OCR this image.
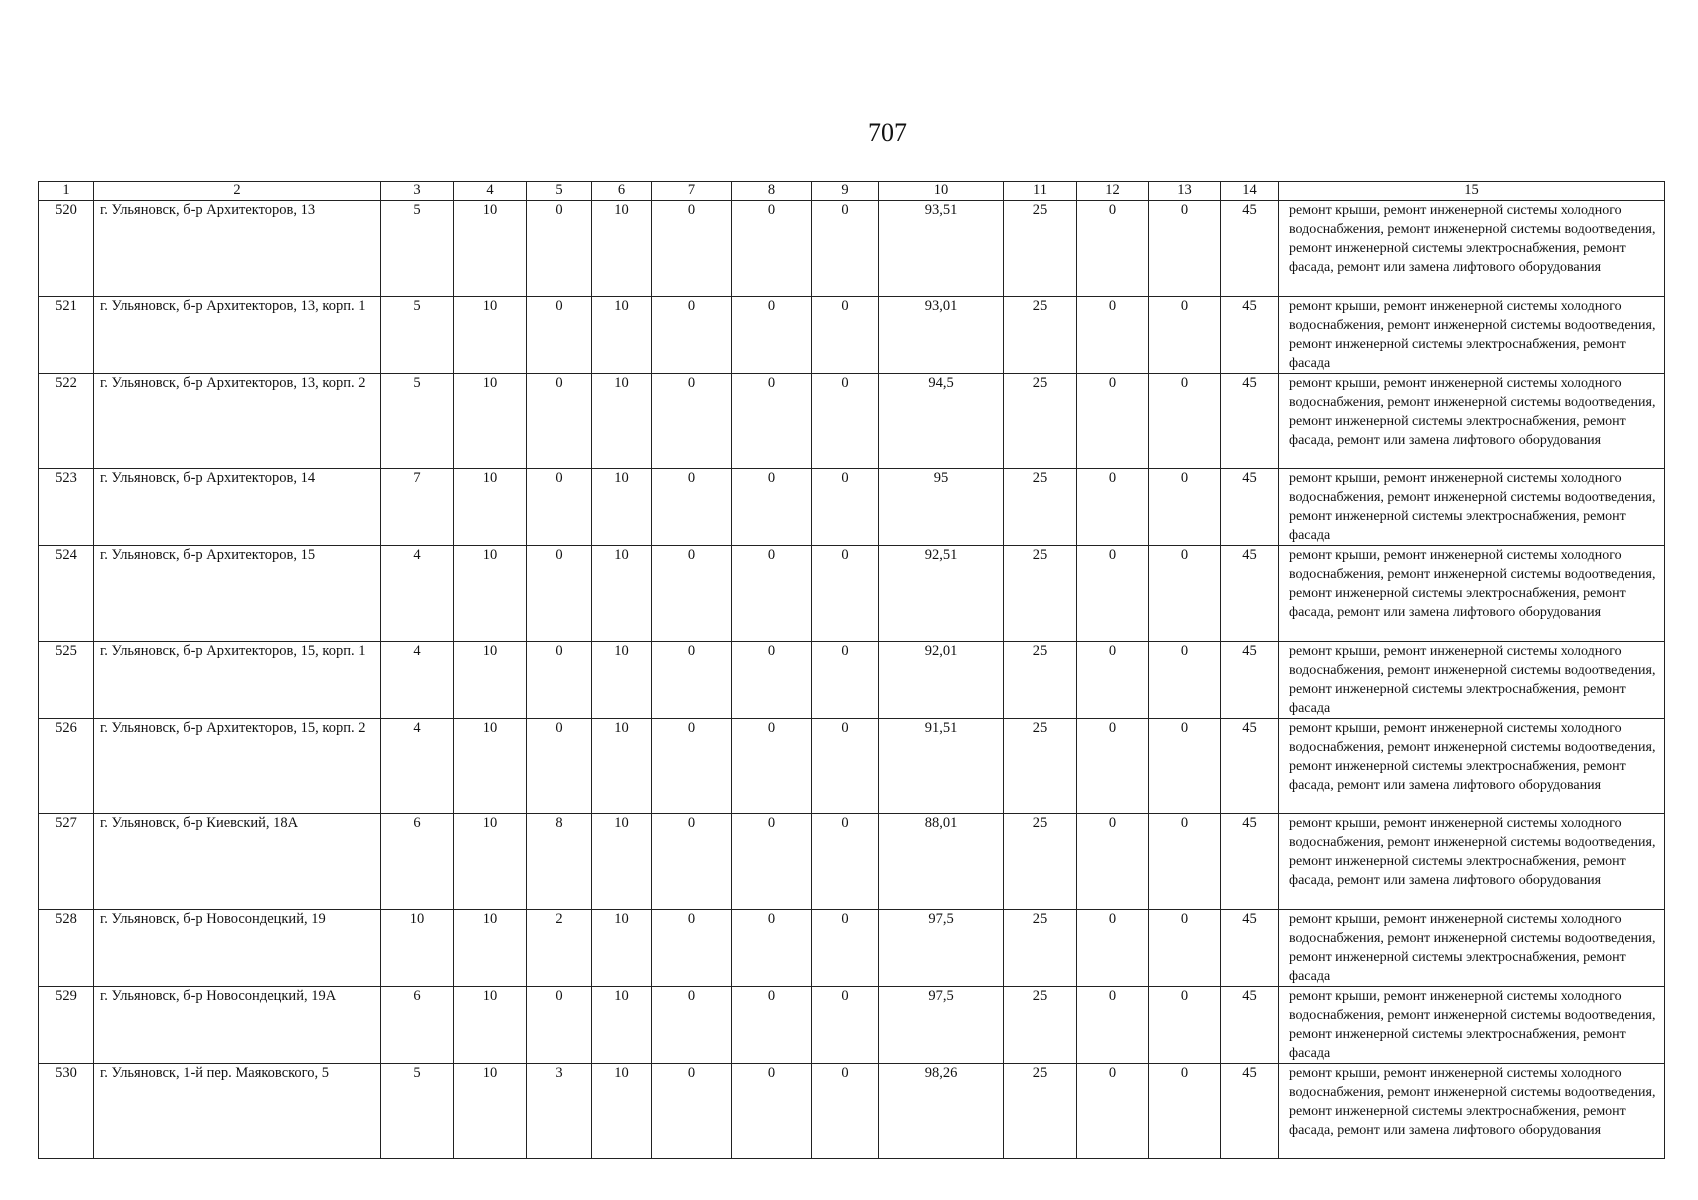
707
1	2	3	4	5	6	7	8	9	10	11	12	13	14	15
520	г. Ульяновск, б-р Архитекторов, 13	5	10	0	10	0	0	0	93,51	25	0	0	45	ремонт крыши, ремонт инженерной системы холодного водоснабжения, ремонт инженерной системы водоотведения, ремонт инженерной системы электроснабжения, ремонт фасада, ремонт или замена лифтового оборудования
521	г. Ульяновск, б-р Архитекторов, 13, корп. 1	5	10	0	10	0	0	0	93,01	25	0	0	45	ремонт крыши, ремонт инженерной системы холодного водоснабжения, ремонт инженерной системы водоотведения, ремонт инженерной системы электроснабжения, ремонт фасада
522	г. Ульяновск, б-р Архитекторов, 13, корп. 2	5	10	0	10	0	0	0	94,5	25	0	0	45	ремонт крыши, ремонт инженерной системы холодного водоснабжения, ремонт инженерной системы водоотведения, ремонт инженерной системы электроснабжения, ремонт фасада, ремонт или замена лифтового оборудования
523	г. Ульяновск, б-р Архитекторов, 14	7	10	0	10	0	0	0	95	25	0	0	45	ремонт крыши, ремонт инженерной системы холодного водоснабжения, ремонт инженерной системы водоотведения, ремонт инженерной системы электроснабжения, ремонт фасада
524	г. Ульяновск, б-р Архитекторов, 15	4	10	0	10	0	0	0	92,51	25	0	0	45	ремонт крыши, ремонт инженерной системы холодного водоснабжения, ремонт инженерной системы водоотведения, ремонт инженерной системы электроснабжения, ремонт фасада, ремонт или замена лифтового оборудования
525	г. Ульяновск, б-р Архитекторов, 15, корп. 1	4	10	0	10	0	0	0	92,01	25	0	0	45	ремонт крыши, ремонт инженерной системы холодного водоснабжения, ремонт инженерной системы водоотведения, ремонт инженерной системы электроснабжения, ремонт фасада
526	г. Ульяновск, б-р Архитекторов, 15, корп. 2	4	10	0	10	0	0	0	91,51	25	0	0	45	ремонт крыши, ремонт инженерной системы холодного водоснабжения, ремонт инженерной системы водоотведения, ремонт инженерной системы электроснабжения, ремонт фасада, ремонт или замена лифтового оборудования
527	г. Ульяновск, б-р Киевский, 18А	6	10	8	10	0	0	0	88,01	25	0	0	45	ремонт крыши, ремонт инженерной системы холодного водоснабжения, ремонт инженерной системы водоотведения, ремонт инженерной системы электроснабжения, ремонт фасада, ремонт или замена лифтового оборудования
528	г. Ульяновск, б-р Новосондецкий, 19	10	10	2	10	0	0	0	97,5	25	0	0	45	ремонт крыши, ремонт инженерной системы холодного водоснабжения, ремонт инженерной системы водоотведения, ремонт инженерной системы электроснабжения, ремонт фасада
529	г. Ульяновск, б-р Новосондецкий, 19А	6	10	0	10	0	0	0	97,5	25	0	0	45	ремонт крыши, ремонт инженерной системы холодного водоснабжения, ремонт инженерной системы водоотведения, ремонт инженерной системы электроснабжения, ремонт фасада
530	г. Ульяновск, 1-й пер. Маяковского, 5	5	10	3	10	0	0	0	98,26	25	0	0	45	ремонт крыши, ремонт инженерной системы холодного водоснабжения, ремонт инженерной системы водоотведения, ремонт инженерной системы электроснабжения, ремонт фасада, ремонт или замена лифтового оборудования
